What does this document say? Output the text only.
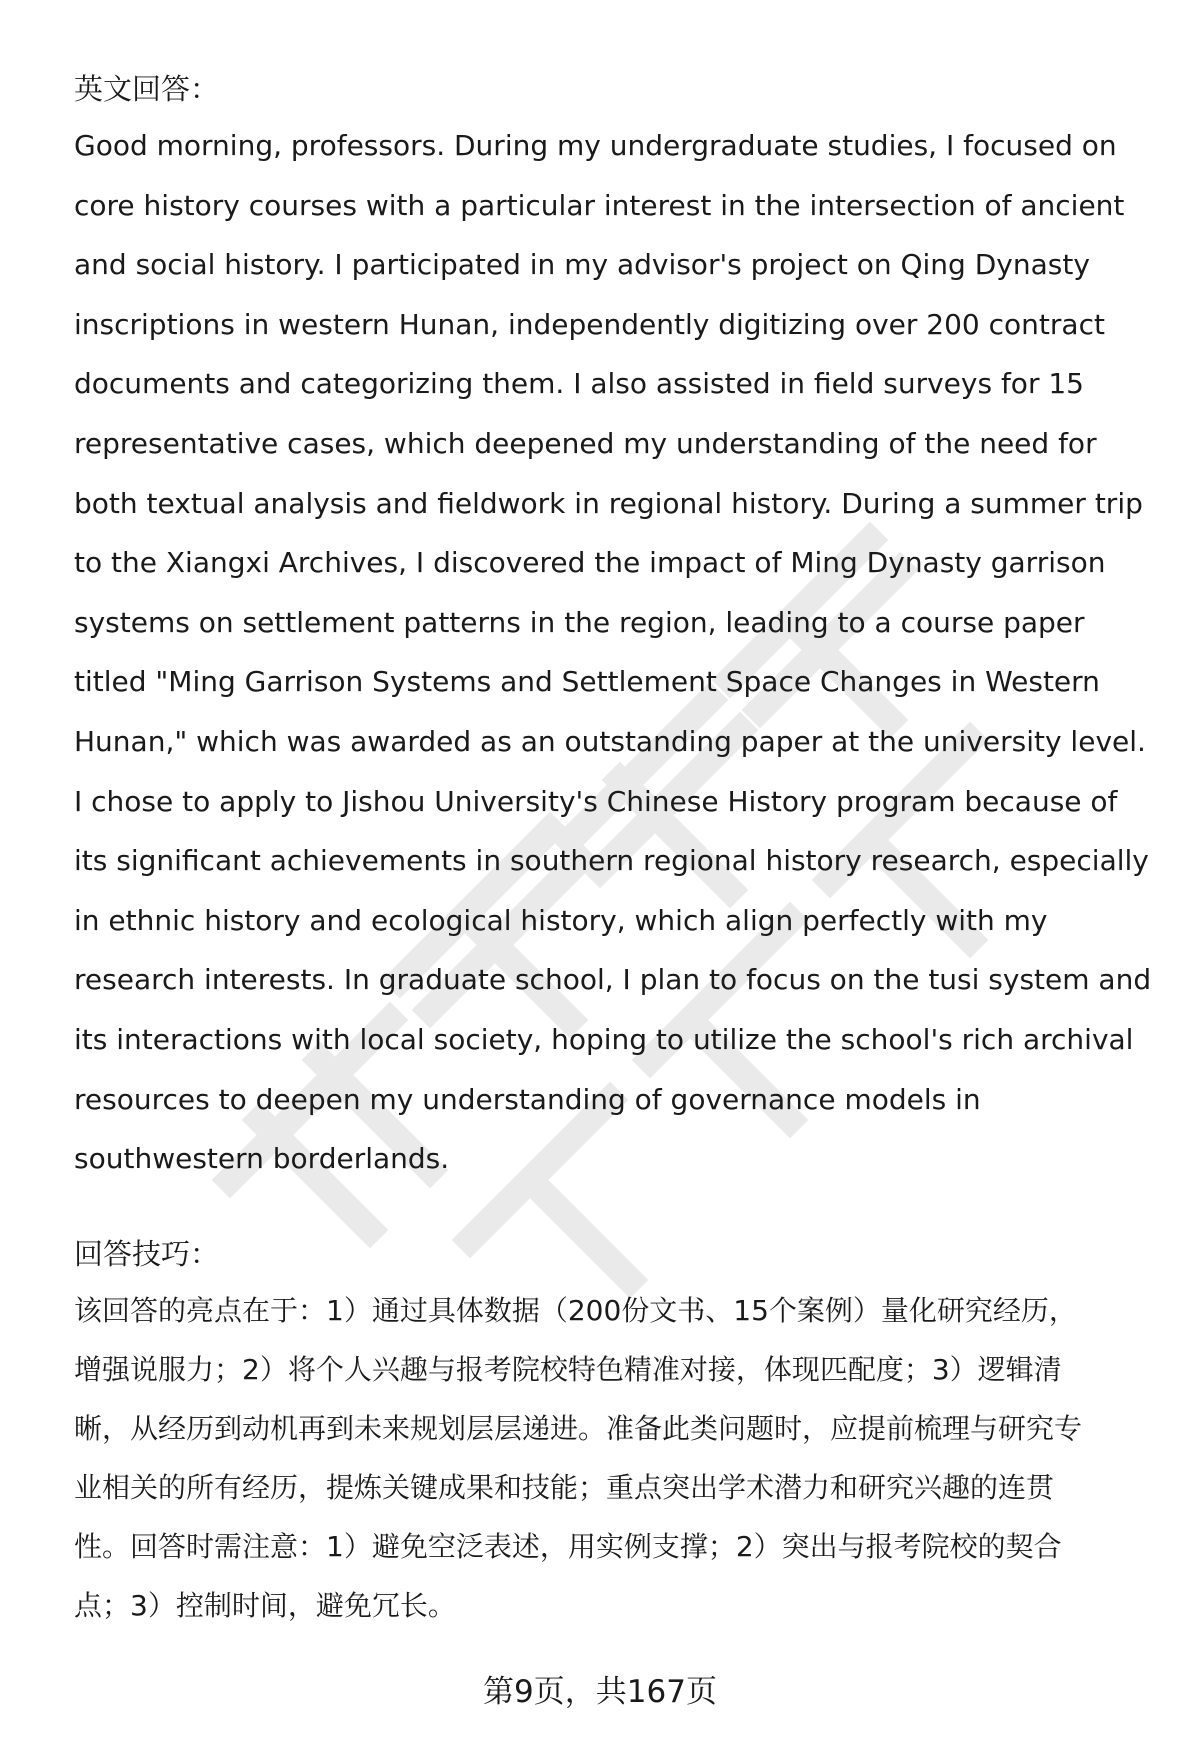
英文回答：
Good morning, professors. During my undergraduate studies, I focused on
core history courses with a particular interest in the intersection of ancient
and social history. I participated in my advisor's project on Qing Dynasty
inscriptions in western Hunan, independently digitizing over 200 contract
documents and categorizing them. I also assisted in field surveys for 15
representative cases, which deepened my understanding of the need for
both textual analysis and fieldwork in regional history. During a summer trip
to the Xiangxi Archives, I discovered the impact of Ming Dynasty garrison
systems on settlement patterns in the region, leading to a course paper
titled "Ming Garrison Systems and Settlement Space Changes in Western
Hunan," which was awarded as an outstanding paper at the university level.
I chose to apply to Jishou University's Chinese History program because of
its significant achievements in southern regional history research, especially
in ethnic history and ecological history, which align perfectly with my
research interests. In graduate school, I plan to focus on the tusi system and
its interactions with local society, hoping to utilize the school's rich archival
resources to deepen my understanding of governance models in
southwestern borderlands.
回答技巧：
该回答的亮点在于：1）通过具体数据（200份文书、15个案例）量化研究经历，
增强说服力；2）将个人兴趣与报考院校特色精准对接，体现匹配度；3）逻辑清
晰，从经历到动机再到未来规划层层递进。准备此类问题时，应提前梳理与研究专
业相关的所有经历，提炼关键成果和技能；重点突出学术潜力和研究兴趣的连贯
性。回答时需注意：1）避免空泛表述，用实例支撑；2）突出与报考院校的契合
点；3）控制时间，避免冗长。
第9页，共167页
